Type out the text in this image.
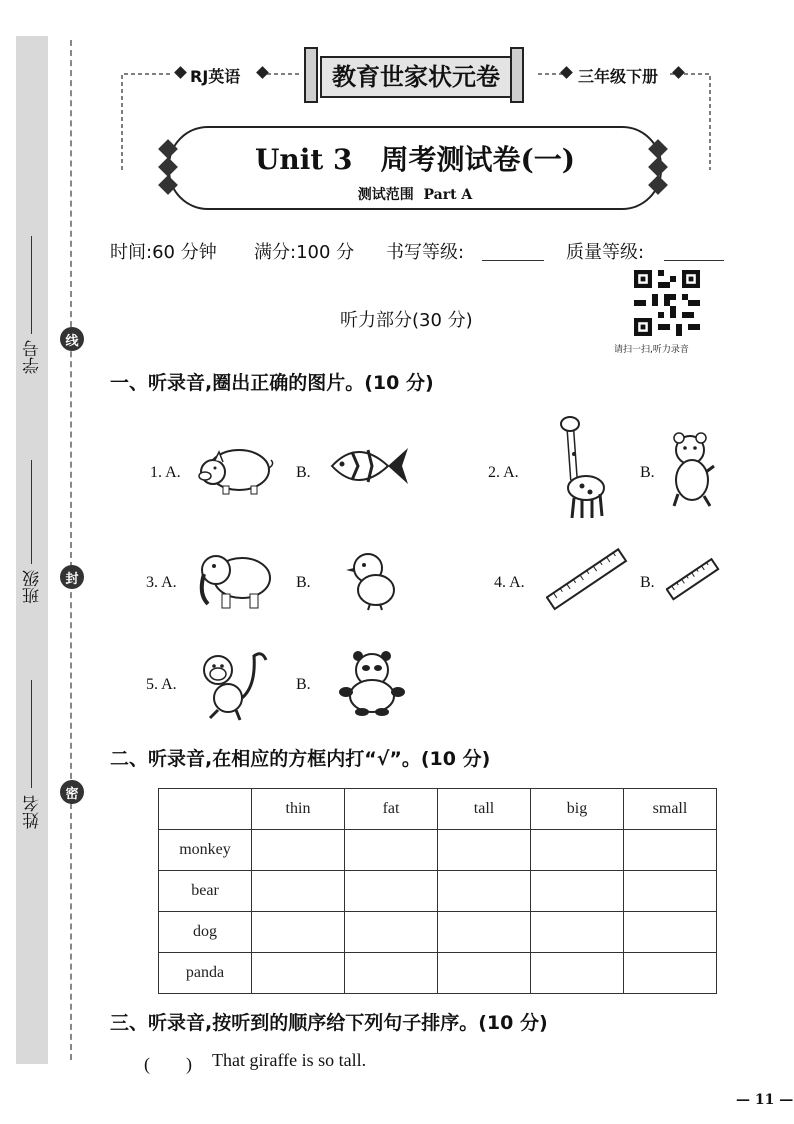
学号
班级
姓名
线
封
密
RJ英语	三年级下册
教育世家状元卷
Unit 3　周考测试卷(一)
测试范围 Part A
时间:60 分钟 满分:100 分 书写等级:	质量等级:
听力部分(30 分)
请扫一扫,听力录音
一、听录音,圈出正确的图片。(10 分)
1. A.	B.	2. A.	B.
3. A.	B.	4. A.	B.
5. A.	B.
二、听录音,在相应的方框内打“√”。(10 分)
	thin	fat	tall	big	small
monkey					
bear					
dog					
panda					
三、听录音,按听到的顺序给下列句子排序。(10 分)
(　　) That giraffe is so tall.
— 11 —
